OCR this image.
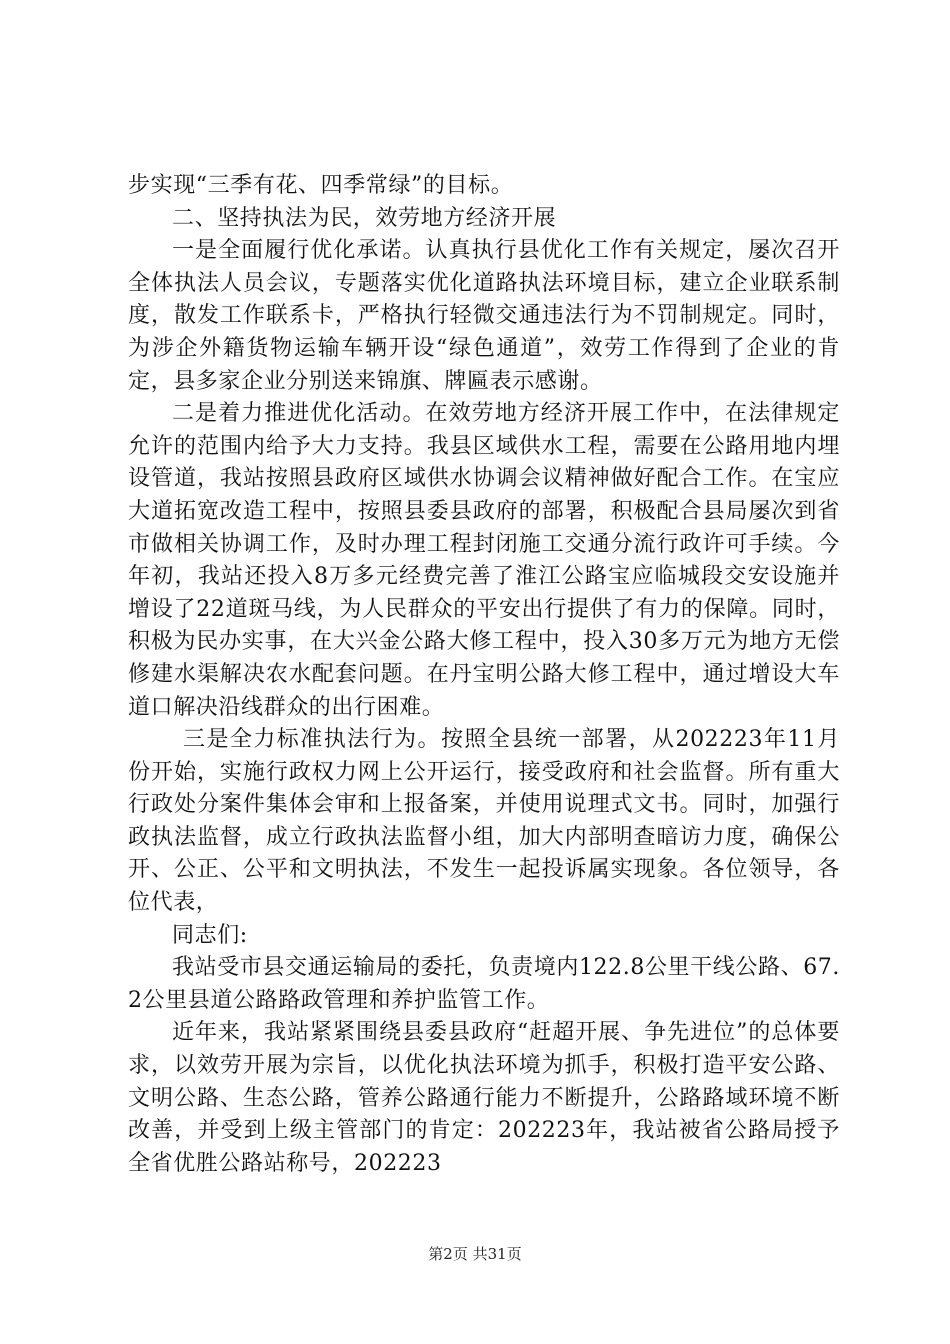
步实现“三季有花、四季常绿”的目标。

二、坚持执法为民，效劳地方经济开展

一是全面履行优化承诺。认真执行县优化工作有关规定，屡次召开全体执法人员会议，专题落实优化道路执法环境目标，建立企业联系制度，散发工作联系卡，严格执行轻微交通违法行为不罚制规定。同时，为涉企外籍货物运输车辆开设“绿色通道”，效劳工作得到了企业的肯定，县多家企业分别送来锦旗、牌匾表示感谢。

二是着力推进优化活动。在效劳地方经济开展工作中，在法律规定允许的范围内给予大力支持。我县区域供水工程，需要在公路用地内埋设管道，我站按照县政府区域供水协调会议精神做好配合工作。在宝应大道拓宽改造工程中，按照县委县政府的部署，积极配合县局屡次到省市做相关协调工作，及时办理工程封闭施工交通分流行政许可手续。今年初，我站还投入8万多元经费完善了淮江公路宝应临城段交安设施并增设了22道斑马线，为人民群众的平安出行提供了有力的保障。同时，积极为民办实事，在大兴金公路大修工程中，投入30多万元为地方无偿修建水渠解决农水配套问题。在丹宝明公路大修工程中，通过增设大车道口解决沿线群众的出行困难。

三是全力标准执法行为。按照全县统一部署，从202223年11月份开始，实施行政权力网上公开运行，接受政府和社会监督。所有重大行政处分案件集体会审和上报备案，并使用说理式文书。同时，加强行政执法监督，成立行政执法监督小组，加大内部明查暗访力度，确保公开、公正、公平和文明执法，不发生一起投诉属实现象。各位领导，各位代表，

同志们:

我站受市县交通运输局的委托，负责境内122.8公里干线公路、67.2公里县道公路路政管理和养护监管工作。

近年来，我站紧紧围绕县委县政府“赶超开展、争先进位”的总体要求，以效劳开展为宗旨，以优化执法环境为抓手，积极打造平安公路、文明公路、生态公路，管养公路通行能力不断提升，公路路域环境不断改善，并受到上级主管部门的肯定：202223年，我站被省公路局授予全省优胜公路站称号，202223

第2页 共31页
